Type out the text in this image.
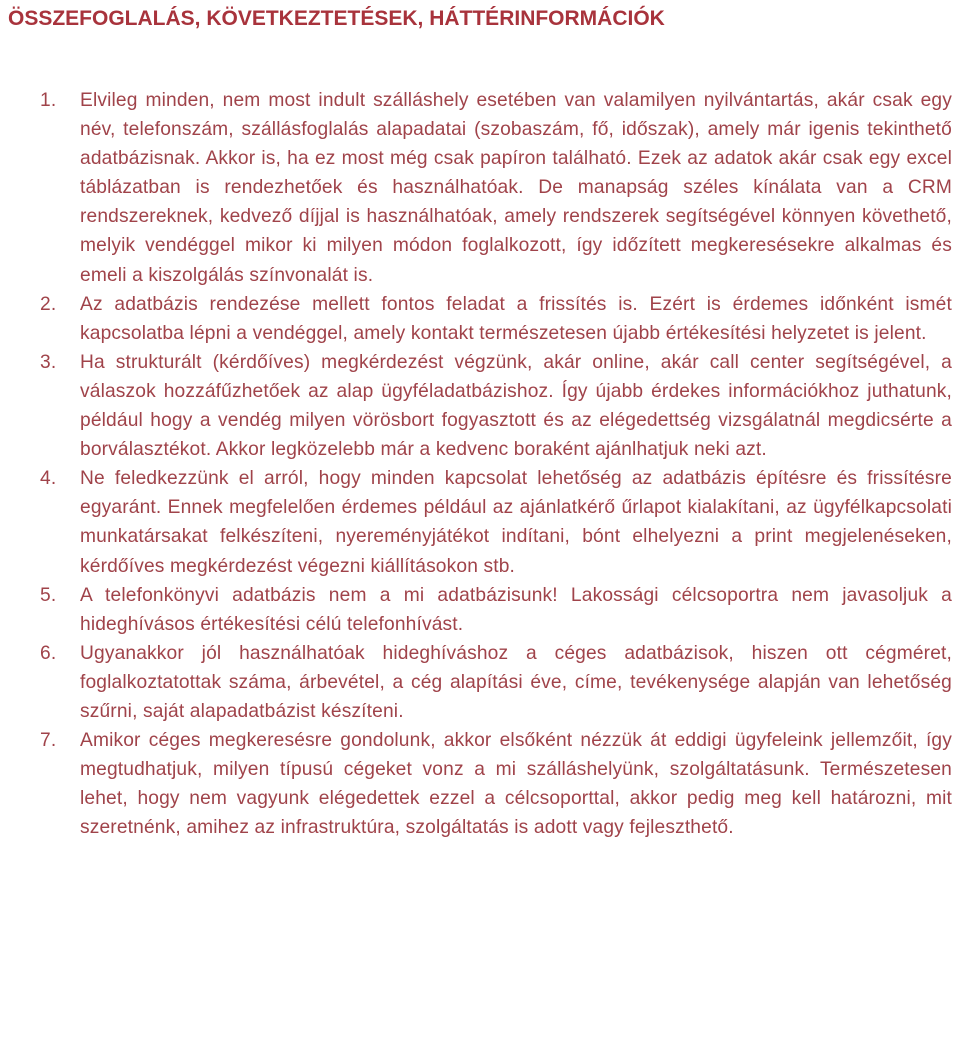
ÖSSZEFOGLALÁS, KÖVETKEZTETÉSEK, HÁTTÉRINFORMÁCIÓK
1. Elvileg minden, nem most indult szálláshely esetében van valamilyen nyilvántartás, akár csak egy név, telefonszám, szállásfoglalás alapadatai (szobaszám, fő, időszak), amely már igenis tekinthető adatbázisnak. Akkor is, ha ez most még csak papíron található. Ezek az adatok akár csak egy excel táblázatban is rendezhetőek és használhatóak. De manapság széles kínálata van a CRM rendszereknek, kedvező díjjal is használhatóak, amely rendszerek segítségével könnyen követhető, melyik vendéggel mikor ki milyen módon foglalkozott, így időzített megkeresésekre alkalmas és emeli a kiszolgálás színvonalát is.
2. Az adatbázis rendezése mellett fontos feladat a frissítés is. Ezért is érdemes időnként ismét kapcsolatba lépni a vendéggel, amely kontakt természetesen újabb értékesítési helyzetet is jelent.
3. Ha strukturált (kérdőíves) megkérdezést végzünk, akár online, akár call center segítségével, a válaszok hozzáfűzhetőek az alap ügyféladatbázishoz. Így újabb érdekes információkhoz juthatunk, például hogy a vendég milyen vörösbort fogyasztott és az elégedettség vizsgálatnál megdicsérte a borválasztékot. Akkor legközelebb már a kedvenc boraként ajánlhatjuk neki azt.
4. Ne feledkezzünk el arról, hogy minden kapcsolat lehetőség az adatbázis építésre és frissítésre egyaránt. Ennek megfelelően érdemes például az ajánlatkérő űrlapot kialakítani, az ügyfélkapcsolati munkatársakat felkészíteni, nyereményjátékot indítani, bónt elhelyezni a print megjelenéseken, kérdőíves megkérdezést végezni kiállításokon stb.
5. A telefonkönyvi adatbázis nem a mi adatbázisunk! Lakossági célcsoportra nem javasoljuk a hideghívásos értékesítési célú telefonhívást.
6. Ugyanakkor jól használhatóak hideghíváshoz a céges adatbázisok, hiszen ott cégméret, foglalkoztatottak száma, árbevétel, a cég alapítási éve, címe, tevékenysége alapján van lehetőség szűrni, saját alapadatbázist készíteni.
7. Amikor céges megkeresésre gondolunk, akkor elsőként nézzük át eddigi ügyfeleink jellemzőit, így megtudhatjuk, milyen típusú cégeket vonz a mi szálláshelyünk, szolgáltatásunk. Természetesen lehet, hogy nem vagyunk elégedettek ezzel a célcsoporttal, akkor pedig meg kell határozni, mit szeretnénk, amihez az infrastruktúra, szolgáltatás is adott vagy fejleszthető.
